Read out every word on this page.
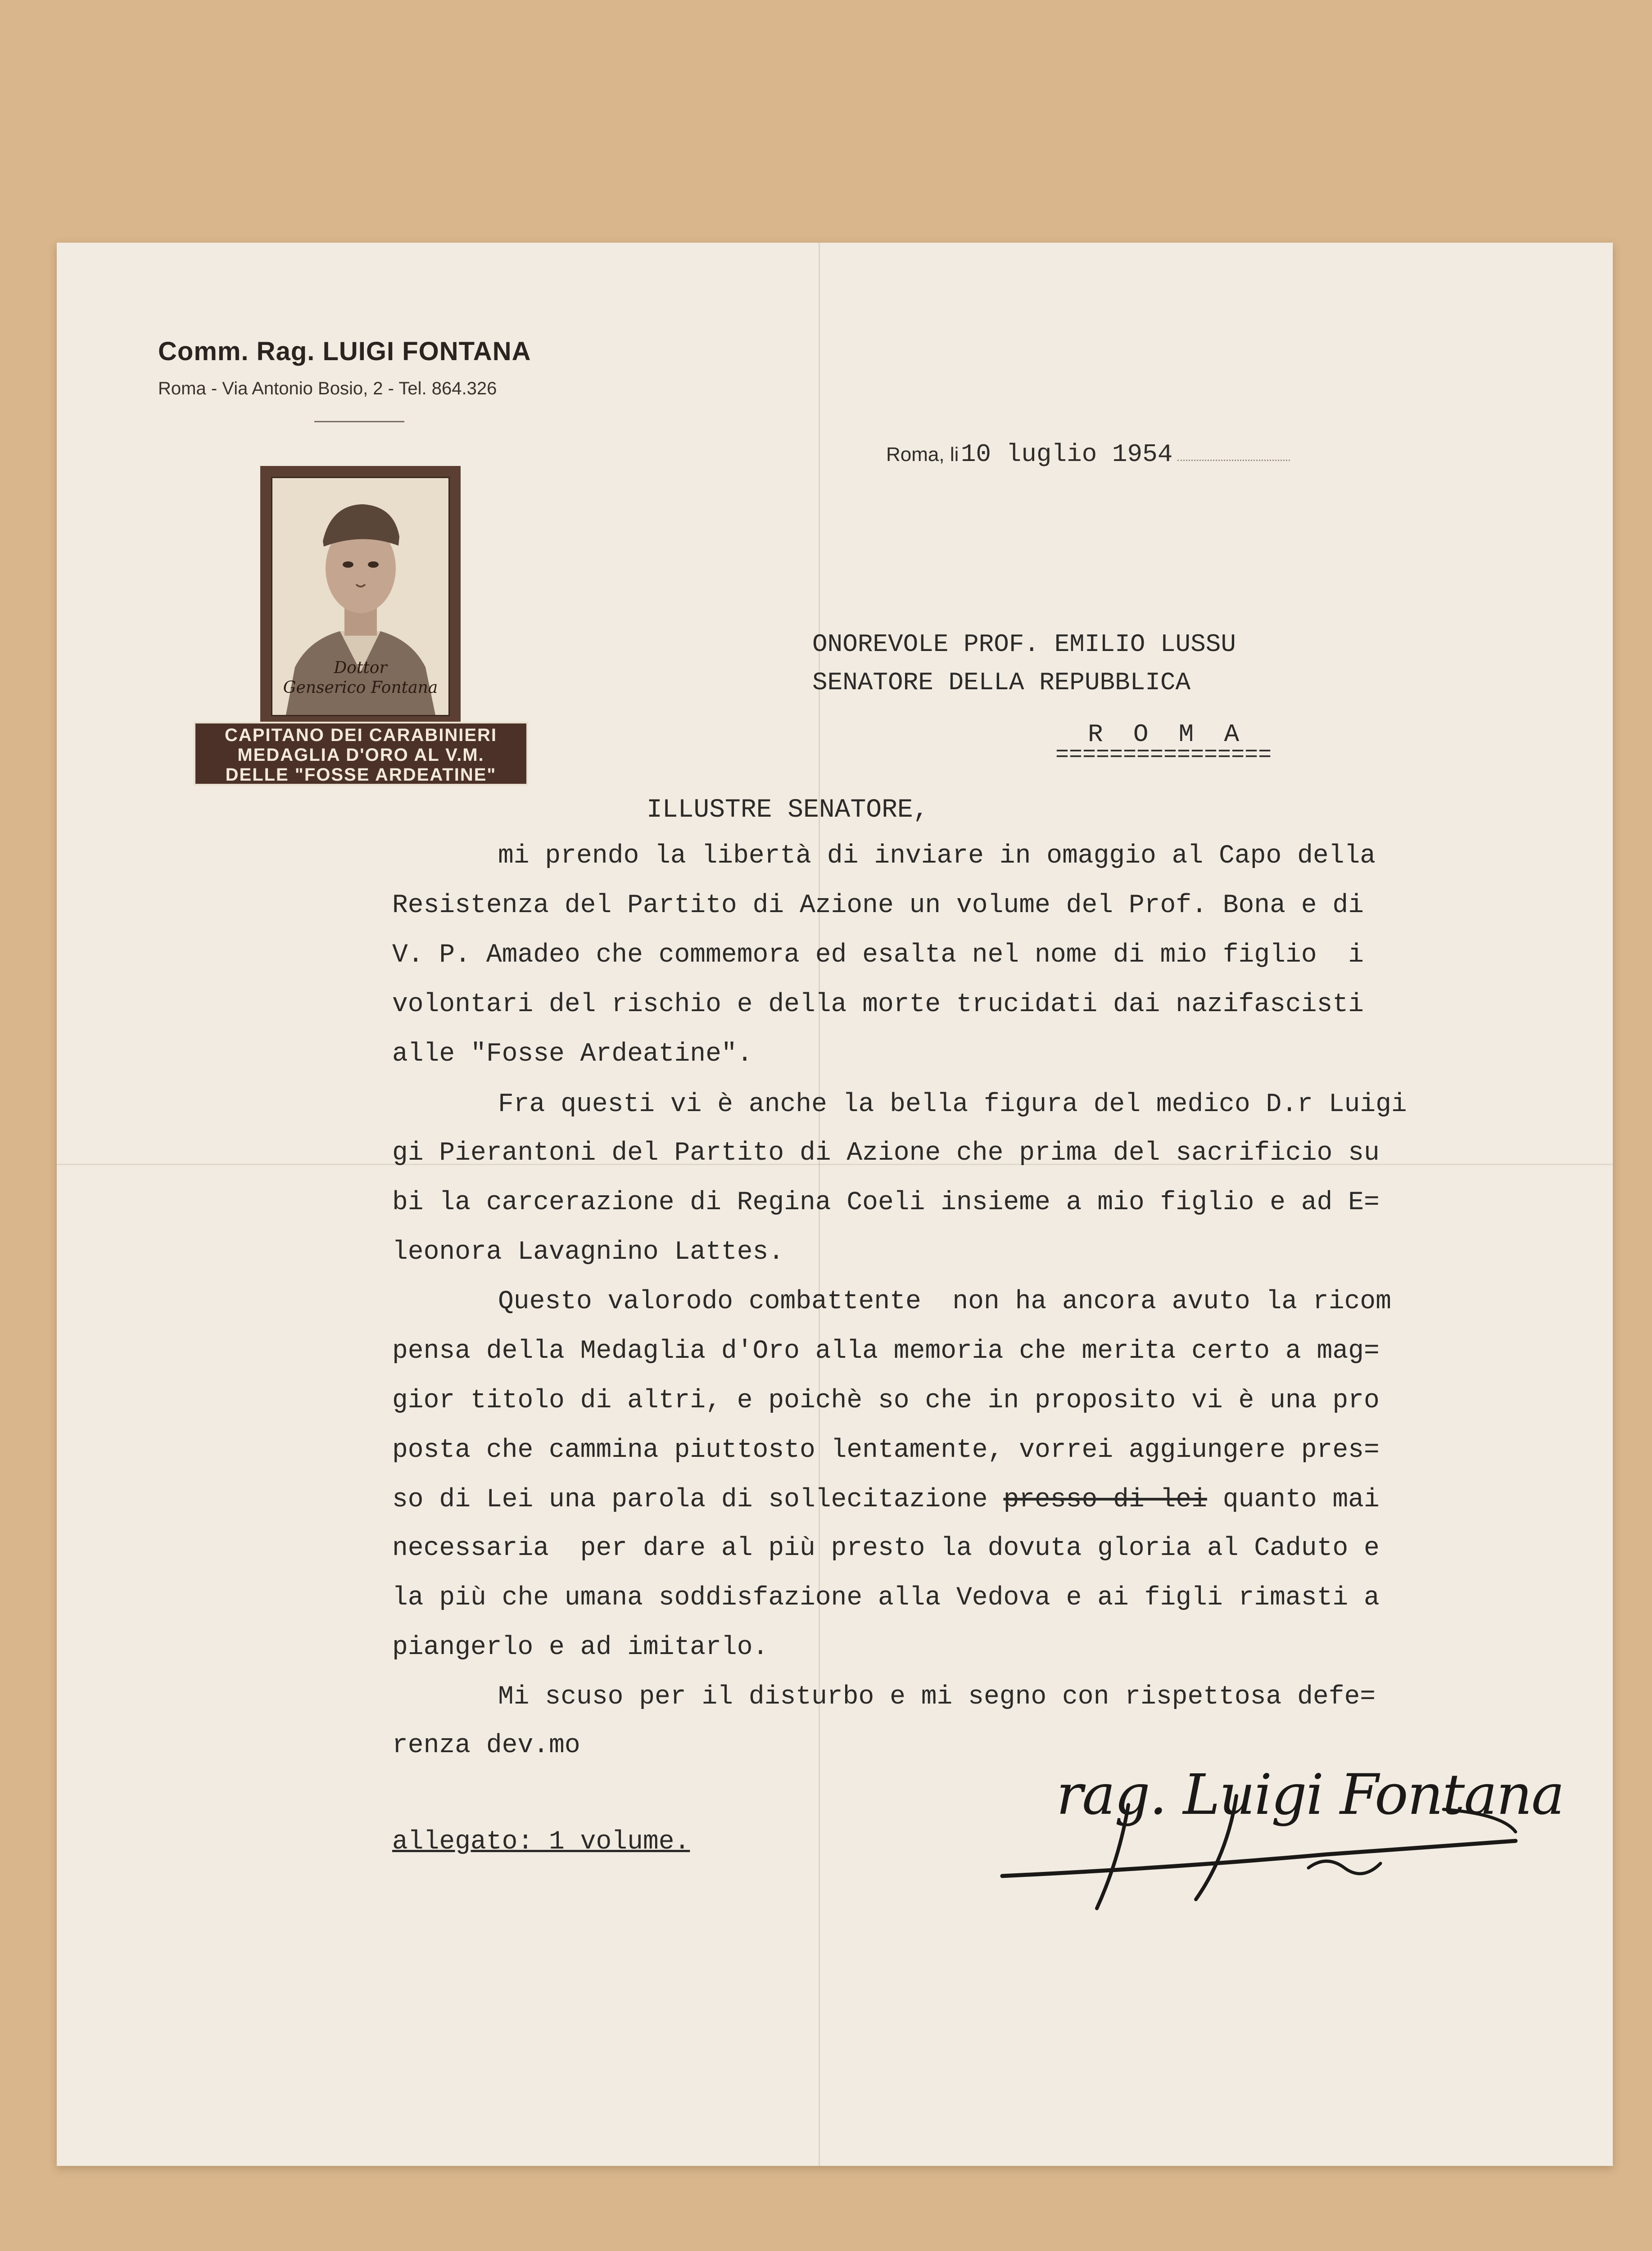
Comm. Rag. LUIGI FONTANA
Roma - Via Antonio Bosio, 2 - Tel. 864.326
Dottor
Genserico Fontana
CAPITANO DEI CARABINIERI
MEDAGLIA D'ORO AL V.M.
DELLE "FOSSE ARDEATINE"
Roma, li 10 luglio 1954
ONOREVOLE PROF. EMILIO LUSSU
SENATORE DELLA REPUBBLICA
R  O  M  A
================
ILLUSTRE SENATORE,
mi prendo la libertà di inviare in omaggio al Capo della
Resistenza del Partito di Azione un volume del Prof. Bona e di
V. P. Amadeo che commemora ed esalta nel nome di mio figlio  i
volontari del rischio e della morte trucidati dai nazifascisti
alle "Fosse Ardeatine".
Fra questi vi è anche la bella figura del medico D.r Luigi
gi Pierantoni del Partito di Azione che prima del sacrificio su
bi la carcerazione di Regina Coeli insieme a mio figlio e ad E=
leonora Lavagnino Lattes.
Questo valorodo combattente  non ha ancora avuto la ricom
pensa della Medaglia d'Oro alla memoria che merita certo a mag=
gior titolo di altri, e poichè so che in proposito vi è una pro
posta che cammina piuttosto lentamente, vorrei aggiungere pres=
so di Lei una parola di sollecitazione presso di lei quanto mai
necessaria  per dare al più presto la dovuta gloria al Caduto e
la più che umana soddisfazione alla Vedova e ai figli rimasti a
piangerlo e ad imitarlo.
Mi scuso per il disturbo e mi segno con rispettosa defe=
renza dev.mo
rag. Luigi Fontana
allegato: 1 volume.
